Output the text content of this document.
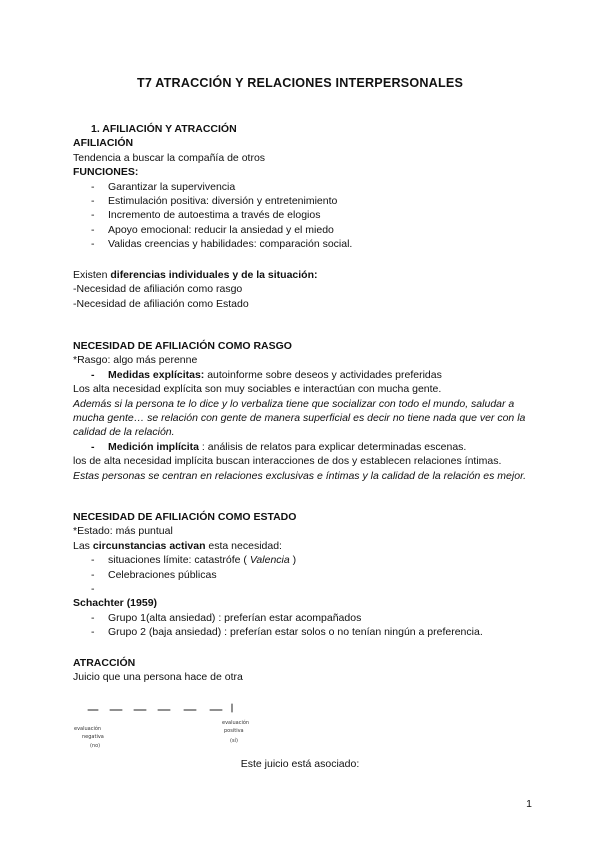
T7 ATRACCIÓN Y RELACIONES INTERPERSONALES

1. AFILIACIÓN Y ATRACCIÓN

AFILIACIÓN

Tendencia a buscar la compañía de otros

FUNCIONES:

- Garantizar la supervivencia
- Estimulación positiva: diversión y entretenimiento
- Incremento de autoestima a través de elogios
- Apoyo emocional: reducir la ansiedad y el miedo
- Validas creencias y habilidades: comparación social.

Existen diferencias individuales y de la situación:

-Necesidad de afiliación como rasgo

-Necesidad de afiliación como Estado

NECESIDAD DE AFILIACIÓN COMO RASGO

*Rasgo: algo más perenne

- Medidas explícitas: autoinforme sobre deseos y actividades preferidas

Los alta necesidad explícita son muy sociables e interactúan con mucha gente.

Además si la persona te lo dice y lo verbaliza tiene que socializar con todo el mundo, saludar a mucha gente… se relación con gente de manera superficial es decir no tiene nada que ver con la calidad de la relación.

- Medición implícita : análisis de relatos para explicar determinadas escenas.

los de alta necesidad implícita buscan interacciones de dos y establecen relaciones íntimas.

Estas personas se centran en relaciones exclusivas e íntimas y la calidad de la relación es mejor.

NECESIDAD DE AFILIACIÓN COMO ESTADO

*Estado: más puntual

Las circunstancias activan esta necesidad:

- situaciones límite: catastrófe ( Valencia )

- Celebraciones públicas

-

Schachter (1959)

- Grupo 1(alta ansiedad) : preferían estar acompañados
- Grupo 2 (baja ansiedad) : preferían estar solos o no tenían ningún a preferencia.

ATRACCIÓN

Juicio que una persona hace de otra

evaluación
negativa
(no)
evaluación
positiva
(sí)
Este juicio está asociado:
1
